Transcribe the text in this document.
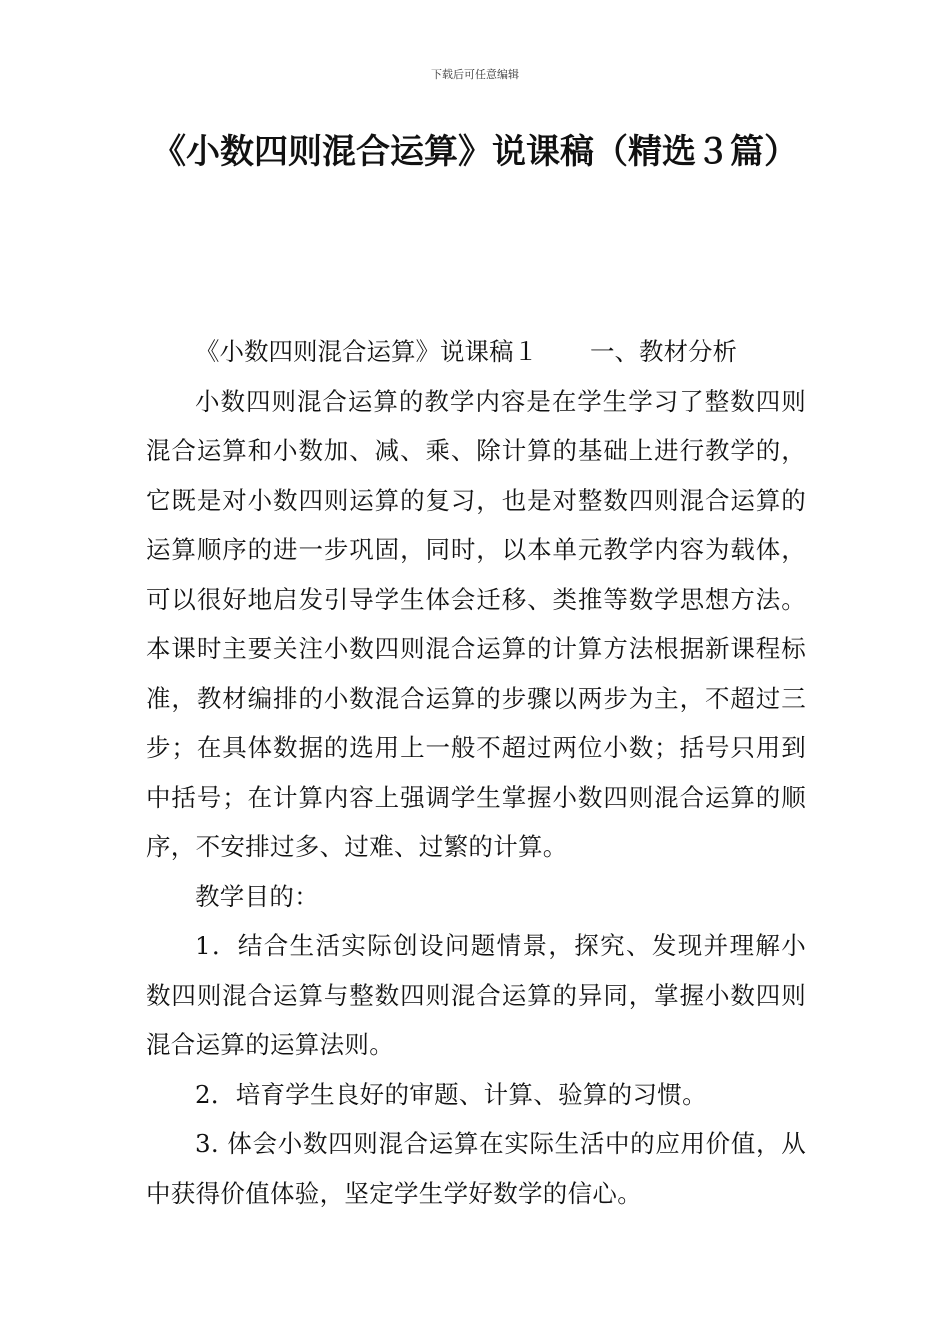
下载后可任意编辑
《小数四则混合运算》说课稿（精选３篇）

《小数四则混合运算》说课稿１ 一、教材分析

小数四则混合运算的教学内容是在学生学习了整数四则混合运算和小数加、减、乘、除计算的基础上进行教学的，它既是对小数四则运算的复习，也是对整数四则混合运算的运算顺序的进一步巩固，同时，以本单元教学内容为载体，可以很好地启发引导学生体会迁移、类推等数学思想方法。本课时主要关注小数四则混合运算的计算方法根据新课程标准，教材编排的小数混合运算的步骤以两步为主，不超过三步；在具体数据的选用上一般不超过两位小数；括号只用到中括号；在计算内容上强调学生掌握小数四则混合运算的顺序，不安排过多、过难、过繁的计算。

教学目的：

1．结合生活实际创设问题情景，探究、发现并理解小数四则混合运算与整数四则混合运算的异同，掌握小数四则混合运算的运算法则。

2．培育学生良好的审题、计算、验算的习惯。

3. 体会小数四则混合运算在实际生活中的应用价值，从中获得价值体验，坚定学生学好数学的信心。
